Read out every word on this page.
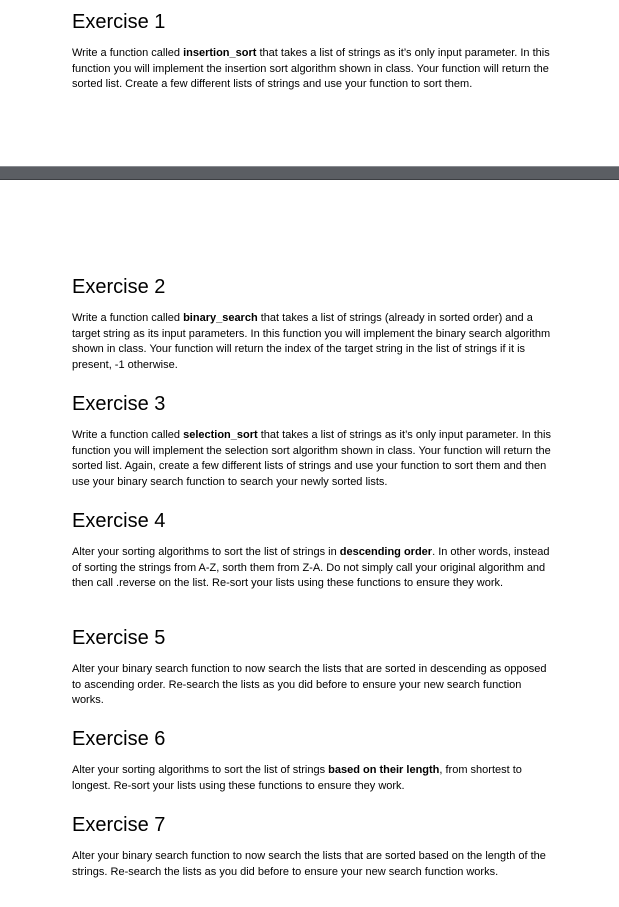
Exercise 1

Write a function called insertion_sort that takes a list of strings as it’s only input parameter. In this function you will implement the insertion sort algorithm shown in class. Your function will return the sorted list. Create a few different lists of strings and use your function to sort them.

Exercise 2

Write a function called binary_search that takes a list of strings (already in sorted order) and a target string as its input parameters. In this function you will implement the binary search algorithm shown in class. Your function will return the index of the target string in the list of strings if it is present, -1 otherwise.

Exercise 3

Write a function called selection_sort that takes a list of strings as it’s only input parameter. In this function you will implement the selection sort algorithm shown in class. Your function will return the sorted list. Again, create a few different lists of strings and use your function to sort them and then use your binary search function to search your newly sorted lists.

Exercise 4

Alter your sorting algorithms to sort the list of strings in descending order. In other words, instead of sorting the strings from A-Z, sorth them from Z-A. Do not simply call your original algorithm and then call .reverse on the list. Re-sort your lists using these functions to ensure they work.

Exercise 5

Alter your binary search function to now search the lists that are sorted in descending as opposed to ascending order. Re-search the lists as you did before to ensure your new search function works.

Exercise 6

Alter your sorting algorithms to sort the list of strings based on their length, from shortest to longest. Re-sort your lists using these functions to ensure they work.

Exercise 7

Alter your binary search function to now search the lists that are sorted based on the length of the strings. Re-search the lists as you did before to ensure your new search function works.
